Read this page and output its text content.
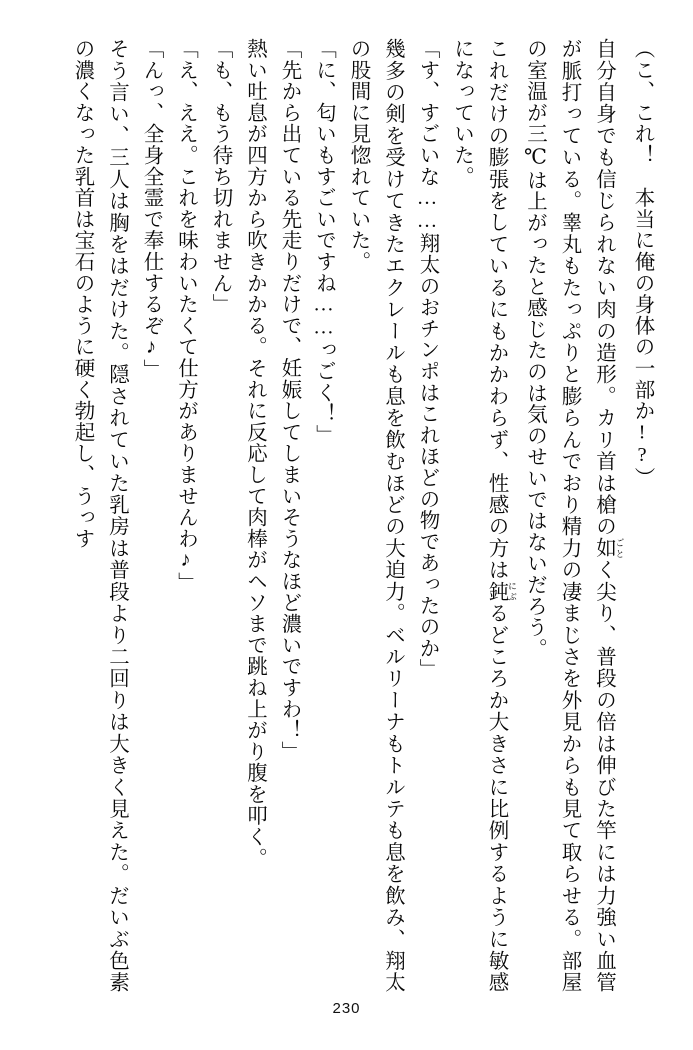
（こ、これ！　本当に俺の身体の一部か!?）

自分自身でも信じられない肉の造形。カリ首は槍の如 ごとく尖り、普段の倍は伸びた竿には力強い血管が脈打っている。睾丸もたっぷりと膨らんでおり精力の凄まじさを外見からも見て取らせる。部屋の室温が三℃は上がったと感じたのは気のせいではないだろう。

これだけの膨張をしているにもかかわらず、性感の方は鈍 にぶるどころか大きさに比例するように敏感になっていた。

「す、すごいな……翔太のおチンポはこれほどの物であったのか」

幾多の剣を受けてきたエクレールも息を飲むほどの大迫力。ベルリーナもトルテも息を飲み、翔太の股間に見惚れていた。

「に、匂いもすごいですね……っごく！」

「先から出ている先走りだけで、妊娠してしまいそうなほど濃いですわ！」

熱い吐息が四方から吹きかかる。それに反応して肉棒がヘソまで跳ね上がり腹を叩く。

「も、もう待ち切れません」

「え、ええ。これを味わいたくて仕方がありませんわ♪」

「んっ、全身全霊で奉仕するぞ♪」

そう言い、三人は胸をはだけた。隠されていた乳房は普段より二回りは大きく見えた。だいぶ色素の濃くなった乳首は宝石のように硬く勃起し、うっす

230
